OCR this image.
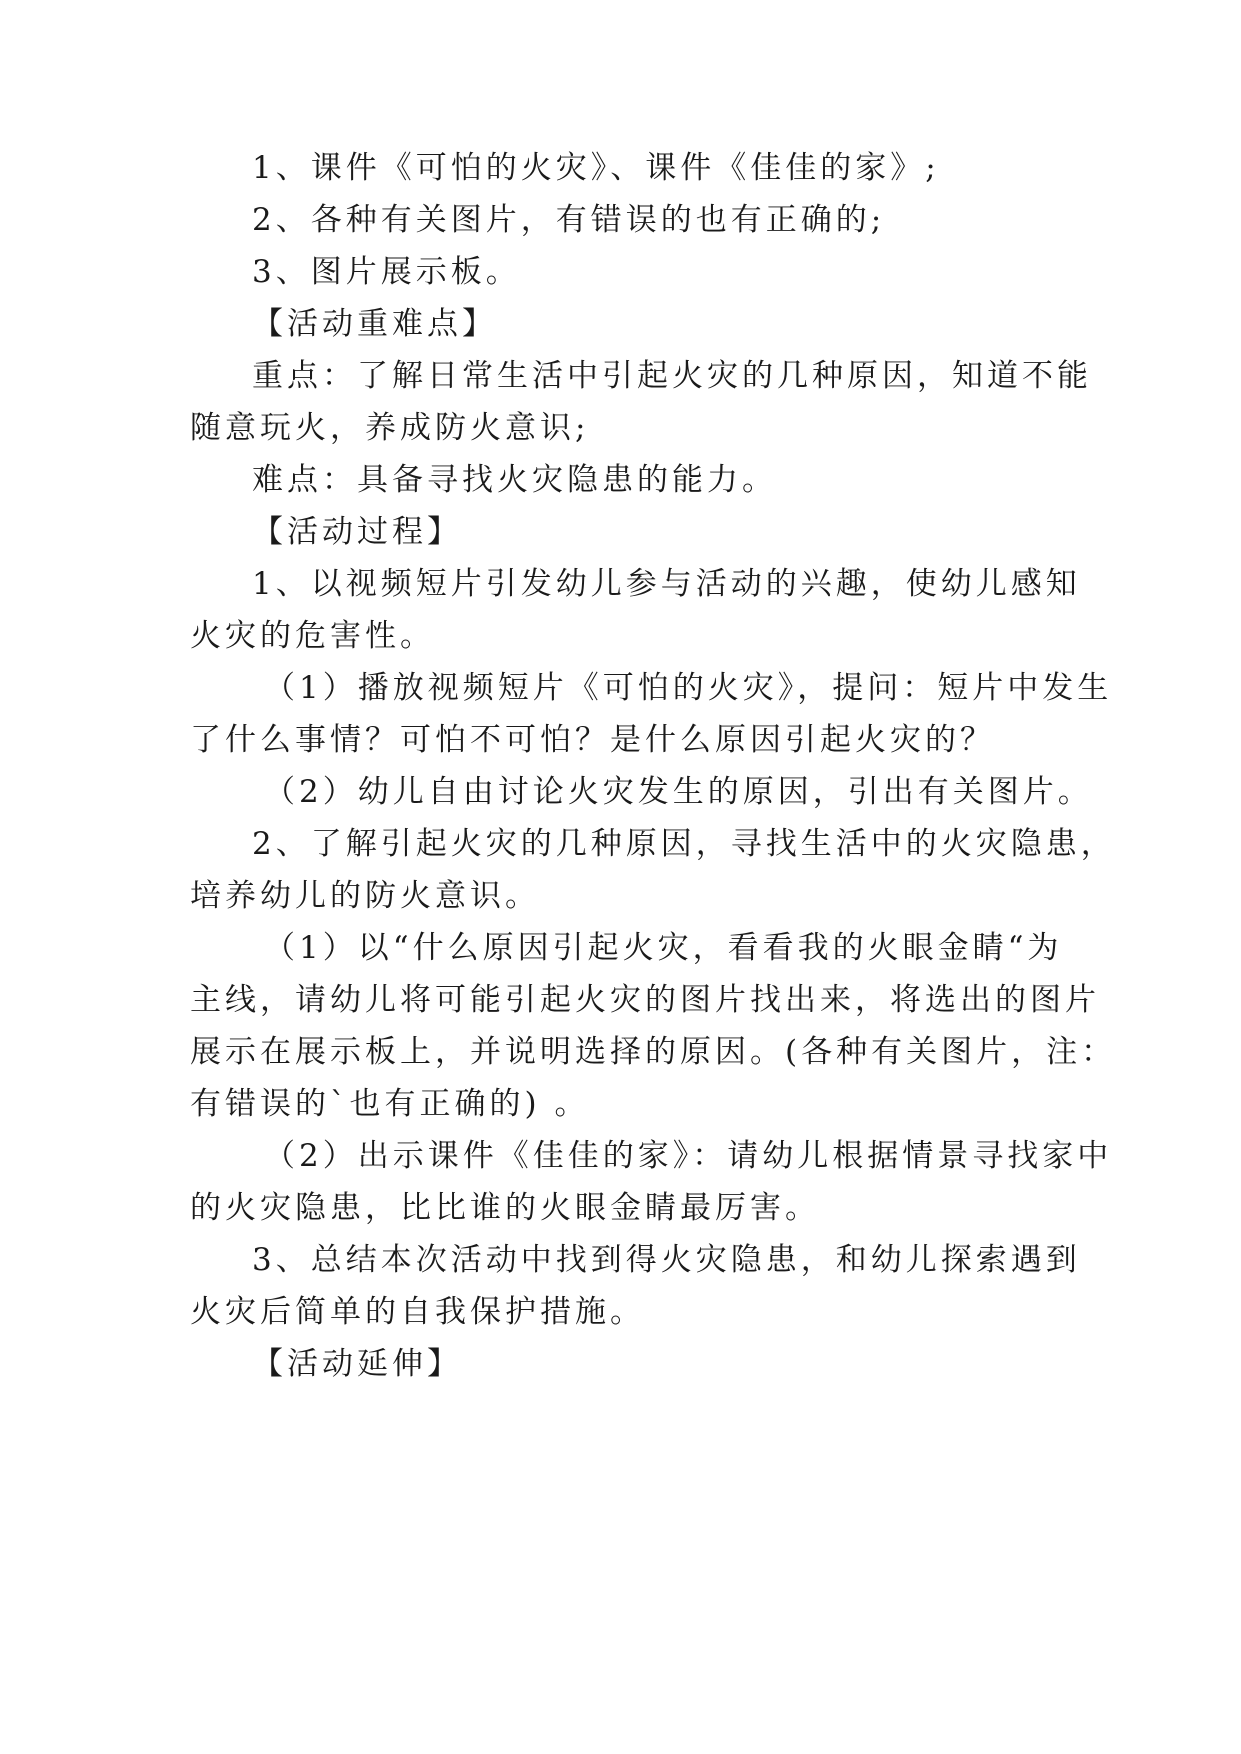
1、课件《可怕的火灾》、课件《佳佳的家》;
2、各种有关图片，有错误的也有正确的;
3、图片展示板。
【活动重难点】
重点：了解日常生活中引起火灾的几种原因，知道不能
随意玩火，养成防火意识;
难点：具备寻找火灾隐患的能力。
【活动过程】
1、以视频短片引发幼儿参与活动的兴趣，使幼儿感知
火灾的危害性。
（1）播放视频短片《可怕的火灾》，提问：短片中发生
了什么事情？可怕不可怕？是什么原因引起火灾的？
（2）幼儿自由讨论火灾发生的原因，引出有关图片。
2、了解引起火灾的几种原因，寻找生活中的火灾隐患，
培养幼儿的防火意识。
（1）以“什么原因引起火灾，看看我的火眼金睛“为
主线，请幼儿将可能引起火灾的图片找出来，将选出的图片
展示在展示板上，并说明选择的原因。(各种有关图片，注：
有错误的`也有正确的) 。
（2）出示课件《佳佳的家》：请幼儿根据情景寻找家中
的火灾隐患，比比谁的火眼金睛最厉害。
3、总结本次活动中找到得火灾隐患，和幼儿探索遇到
火灾后简单的自我保护措施。
【活动延伸】
